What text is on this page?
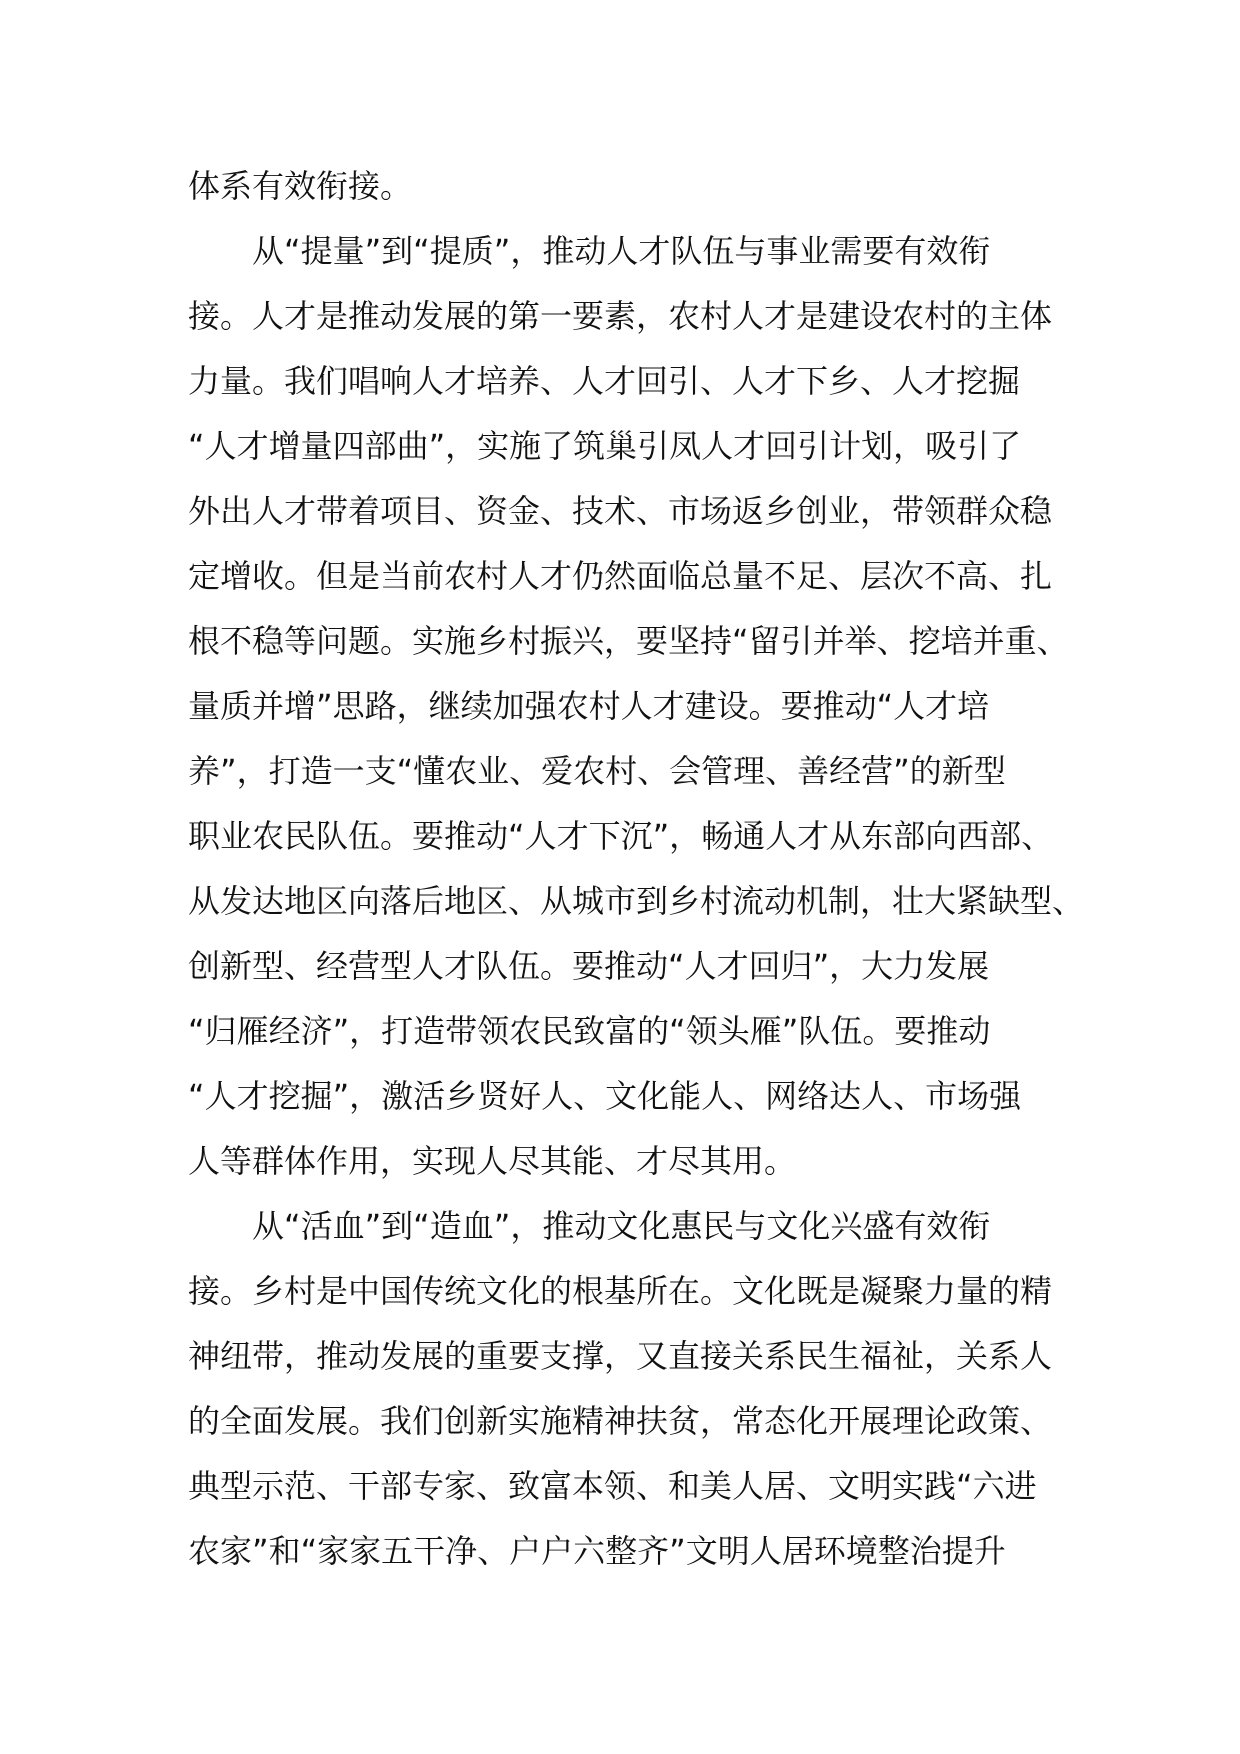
体系有效衔接。
从“提量”到“提质”，推动人才队伍与事业需要有效衔
接。人才是推动发展的第一要素，农村人才是建设农村的主体
力量。我们唱响人才培养、人才回引、人才下乡、人才挖掘
“人才增量四部曲”，实施了筑巢引凤人才回引计划，吸引了
外出人才带着项目、资金、技术、市场返乡创业，带领群众稳
定增收。但是当前农村人才仍然面临总量不足、层次不高、扎
根不稳等问题。实施乡村振兴，要坚持“留引并举、挖培并重、
量质并增”思路，继续加强农村人才建设。要推动“人才培
养”，打造一支“懂农业、爱农村、会管理、善经营”的新型
职业农民队伍。要推动“人才下沉”，畅通人才从东部向西部、
从发达地区向落后地区、从城市到乡村流动机制，壮大紧缺型、
创新型、经营型人才队伍。要推动“人才回归”，大力发展
“归雁经济”，打造带领农民致富的“领头雁”队伍。要推动
“人才挖掘”，激活乡贤好人、文化能人、网络达人、市场强
人等群体作用，实现人尽其能、才尽其用。
从“活血”到“造血”，推动文化惠民与文化兴盛有效衔
接。乡村是中国传统文化的根基所在。文化既是凝聚力量的精
神纽带，推动发展的重要支撑，又直接关系民生福祉，关系人
的全面发展。我们创新实施精神扶贫，常态化开展理论政策、
典型示范、干部专家、致富本领、和美人居、文明实践“六进
农家”和“家家五干净、户户六整齐”文明人居环境整治提升
